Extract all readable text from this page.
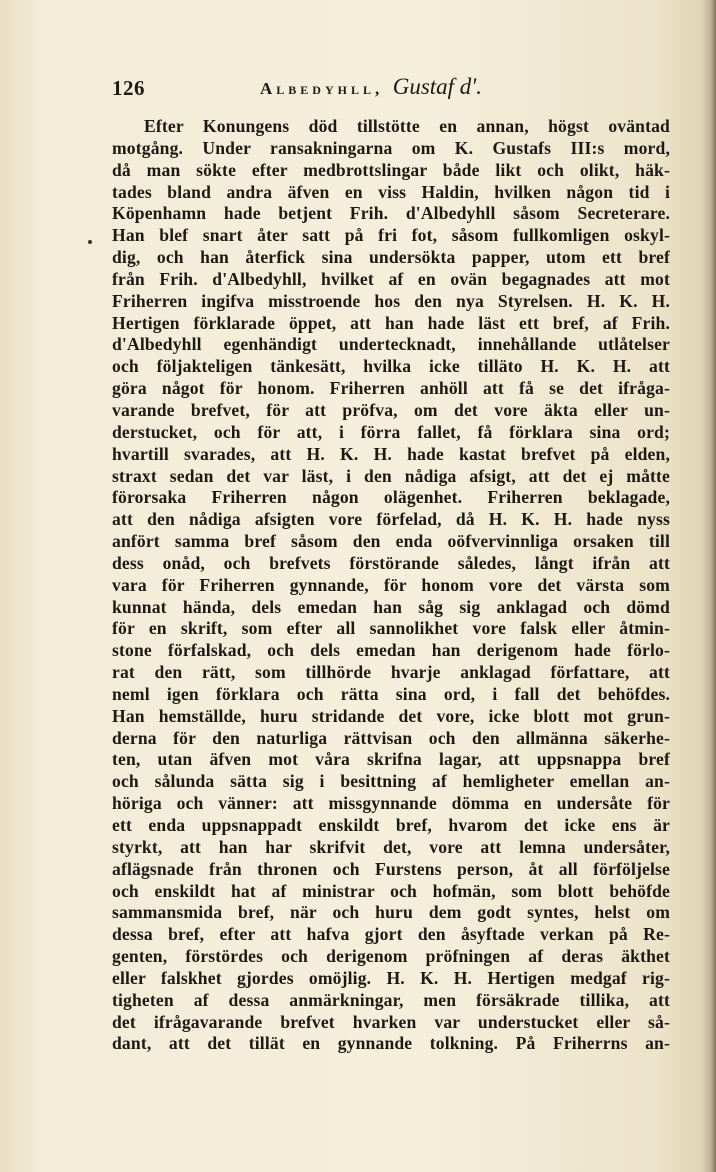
126	Albedyhll, Gustaf d'.
Efter Konungens död tillstötte en annan, högst oväntad
motgång. Under ransakningarna om K. Gustafs III:s mord,
då man sökte efter medbrottslingar både likt och olikt, häk-
tades bland andra äfven en viss Haldin, hvilken någon tid i
Köpenhamn hade betjent Frih. d'Albedyhll såsom Secreterare.
Han blef snart åter satt på fri fot, såsom fullkomligen oskyl-
dig, och han återfick sina undersökta papper, utom ett bref
från Frih. d'Albedyhll, hvilket af en ovän begagnades att mot
Friherren ingifva misstroende hos den nya Styrelsen. H. K. H.
Hertigen förklarade öppet, att han hade läst ett bref, af Frih.
d'Albedyhll egenhändigt undertecknadt, innehållande utlåtelser
och följakteligen tänkesätt, hvilka icke tilläto H. K. H. att
göra något för honom. Friherren anhöll att få se det ifråga-
varande brefvet, för att pröfva, om det vore äkta eller un-
derstucket, och för att, i förra fallet, få förklara sina ord;
hvartill svarades, att H. K. H. hade kastat brefvet på elden,
straxt sedan det var läst, i den nådiga afsigt, att det ej måtte
förorsaka Friherren någon olägenhet. Friherren beklagade,
att den nådiga afsigten vore förfelad, då H. K. H. hade nyss
anfört samma bref såsom den enda oöfvervinnliga orsaken till
dess onåd, och brefvets förstörande således, långt ifrån att
vara för Friherren gynnande, för honom vore det värsta som
kunnat hända, dels emedan han såg sig anklagad och dömd
för en skrift, som efter all sannolikhet vore falsk eller åtmin-
stone förfalskad, och dels emedan han derigenom hade förlo-
rat den rätt, som tillhörde hvarje anklagad författare, att
neml igen förklara och rätta sina ord, i fall det behöfdes.
Han hemställde, huru stridande det vore, icke blott mot grun-
derna för den naturliga rättvisan och den allmänna säkerhe-
ten, utan äfven mot våra skrifna lagar, att uppsnappa bref
och sålunda sätta sig i besittning af hemligheter emellan an-
höriga och vänner: att missgynnande dömma en undersåte för
ett enda uppsnappadt enskildt bref, hvarom det icke ens är
styrkt, att han har skrifvit det, vore att lemna undersåter,
aflägsnade från thronen och Furstens person, åt all förföljelse
och enskildt hat af ministrar och hofmän, som blott behöfde
sammansmida bref, när och huru dem godt syntes, helst om
dessa bref, efter att hafva gjort den åsyftade verkan på Re-
genten, förstördes och derigenom pröfningen af deras äkthet
eller falskhet gjordes omöjlig. H. K. H. Hertigen medgaf rig-
tigheten af dessa anmärkningar, men försäkrade tillika, att
det ifrågavarande brefvet hvarken var understucket eller så-
dant, att det tillät en gynnande tolkning. På Friherrns an-
